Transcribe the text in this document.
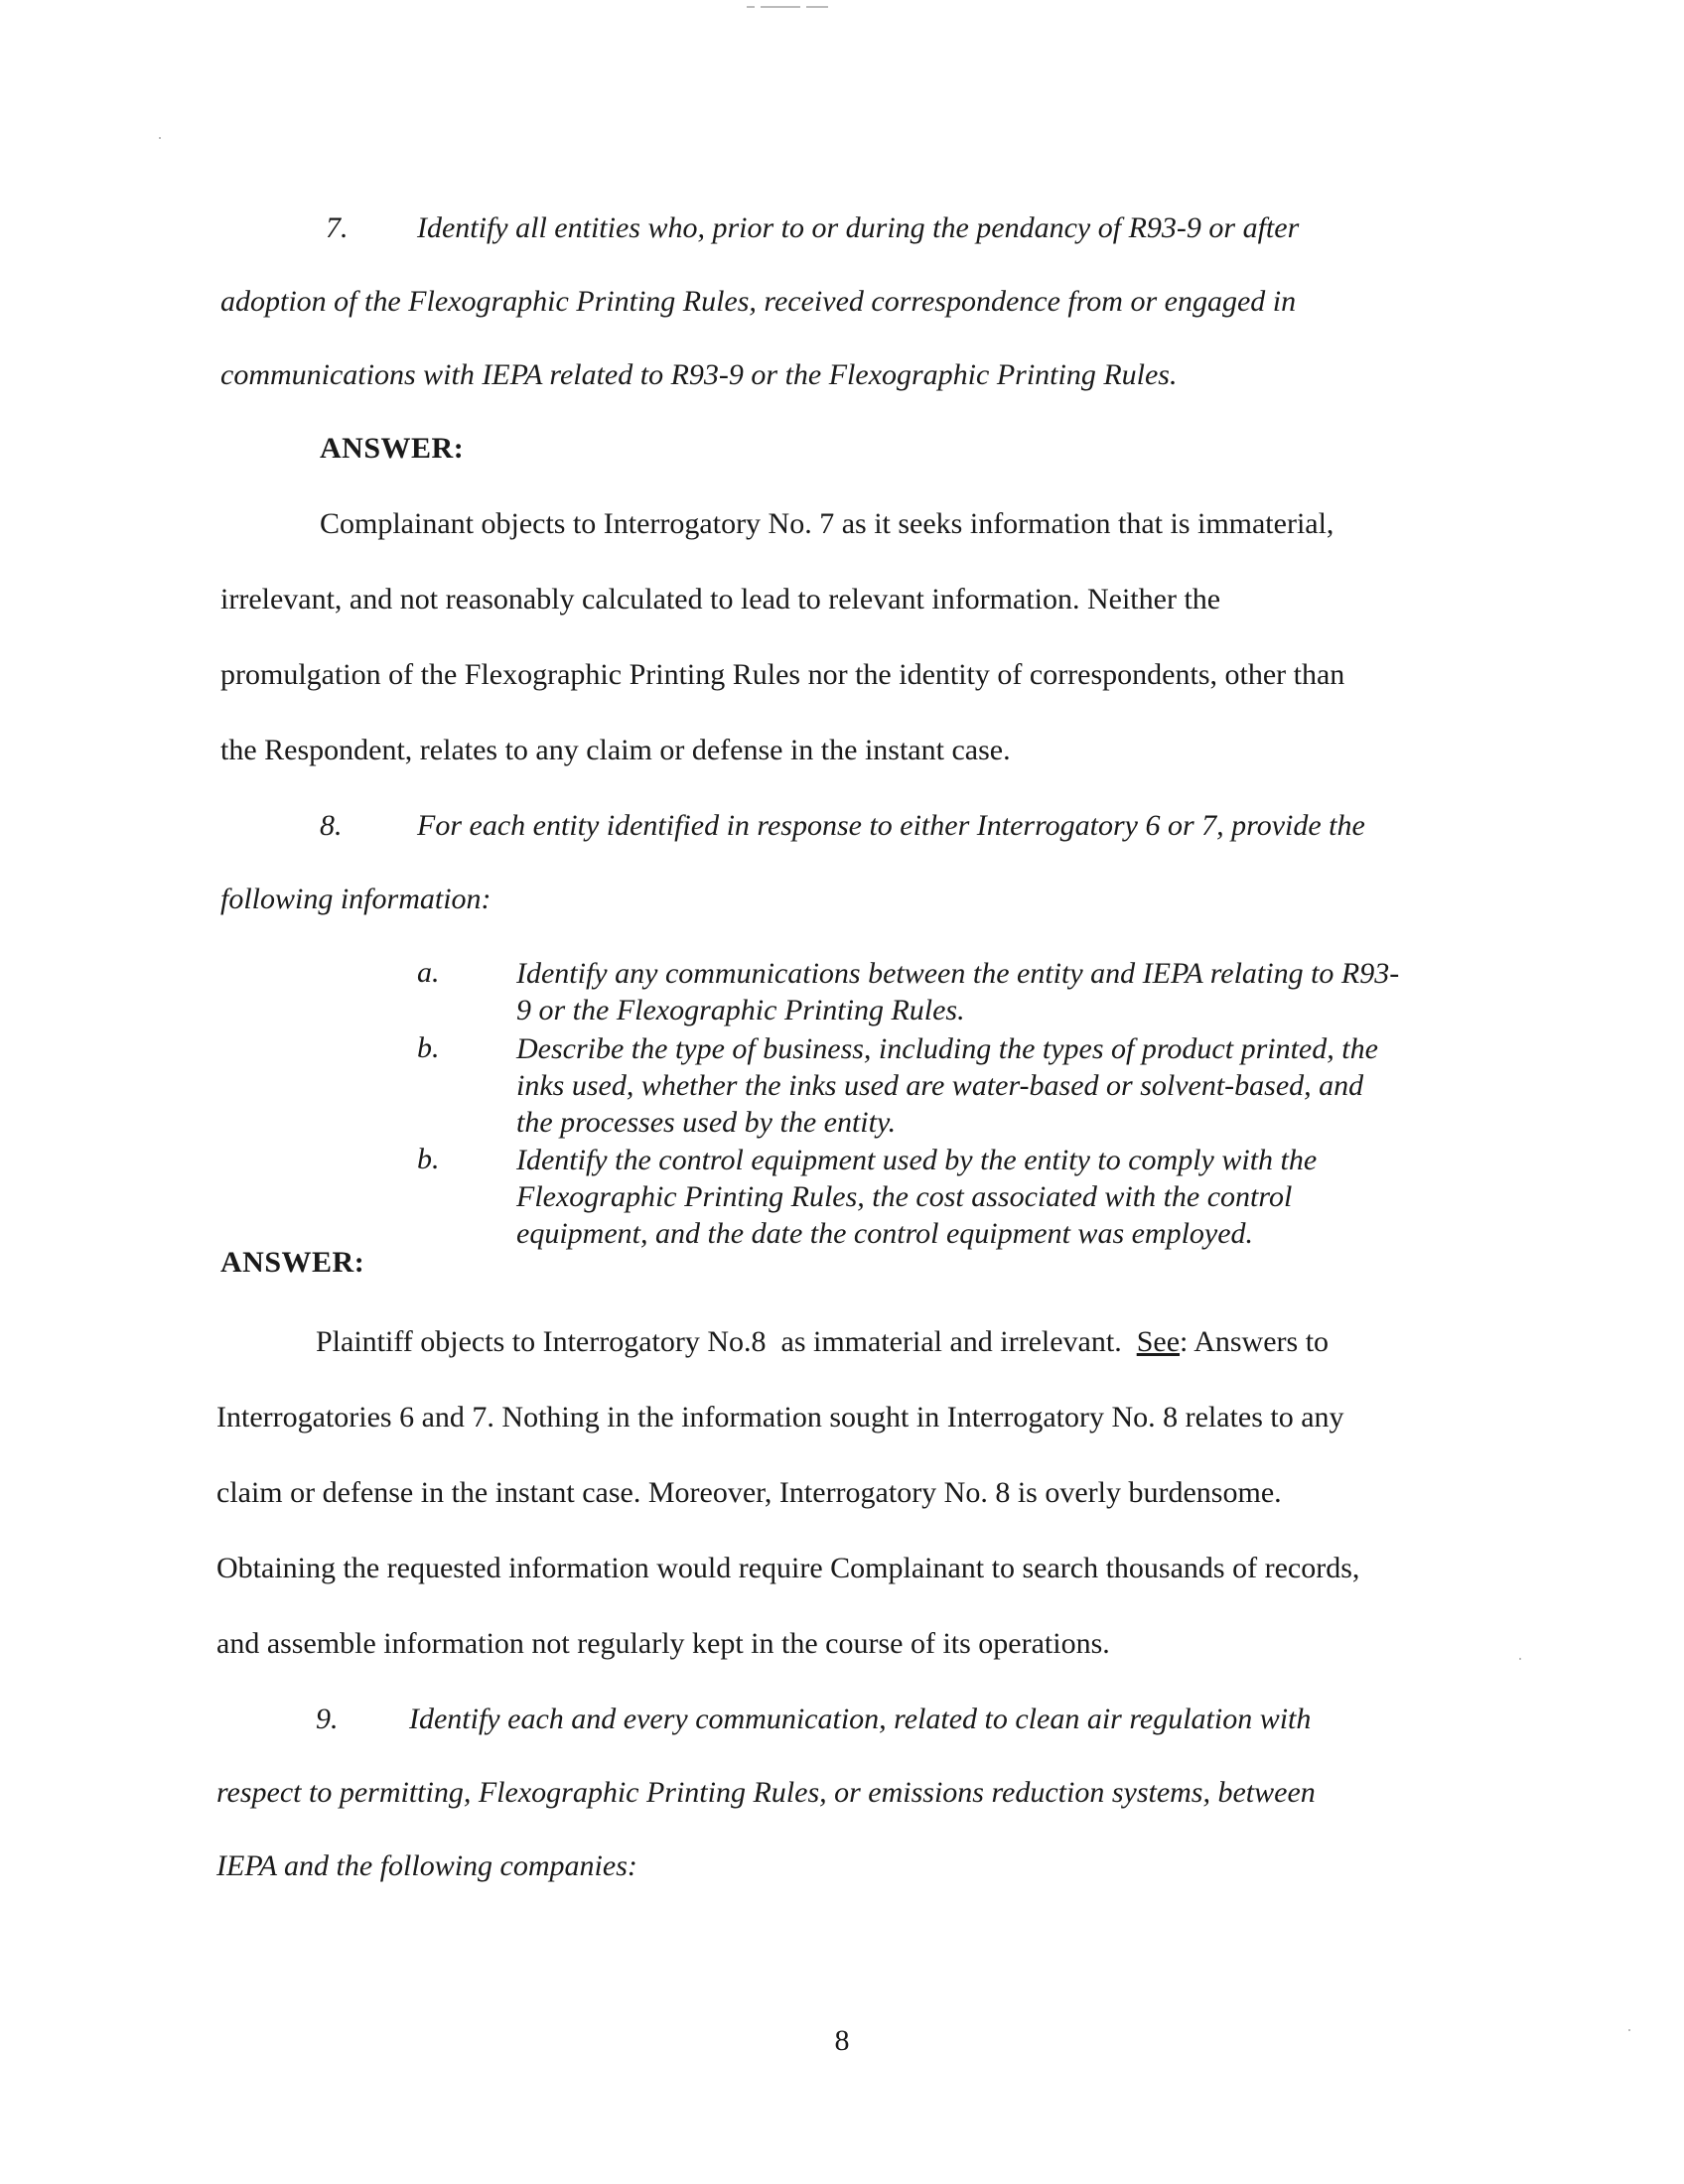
7. Identify all entities who, prior to or during the pendancy of R93-9 or after
adoption of the Flexographic Printing Rules, received correspondence from or engaged in
communications with IEPA related to R93-9 or the Flexographic Printing Rules.
ANSWER:
Complainant objects to Interrogatory No. 7 as it seeks information that is immaterial,
irrelevant, and not reasonably calculated to lead to relevant information. Neither the
promulgation of the Flexographic Printing Rules nor the identity of correspondents, other than
the Respondent, relates to any claim or defense in the instant case.
8.	For each entity identified in response to either Interrogatory 6 or 7, provide the
following information:
a.	Identify any communications between the entity and IEPA relating to R93-
9 or the Flexographic Printing Rules.
b.	Describe the type of business, including the types of product printed, the
inks used, whether the inks used are water-based or solvent-based, and
the processes used by the entity.
b.	Identify the control equipment used by the entity to comply with the
Flexographic Printing Rules, the cost associated with the control
equipment, and the date the control equipment was employed.
ANSWER:
Plaintiff objects to Interrogatory No.8  as immaterial and irrelevant.  See: Answers to
Interrogatories 6 and 7. Nothing in the information sought in Interrogatory No. 8 relates to any
claim or defense in the instant case. Moreover, Interrogatory No. 8 is overly burdensome.
Obtaining the requested information would require Complainant to search thousands of records,
and assemble information not regularly kept in the course of its operations.
9. Identify each and every communication, related to clean air regulation with
respect to permitting, Flexographic Printing Rules, or emissions reduction systems, between
IEPA and the following companies:
8
